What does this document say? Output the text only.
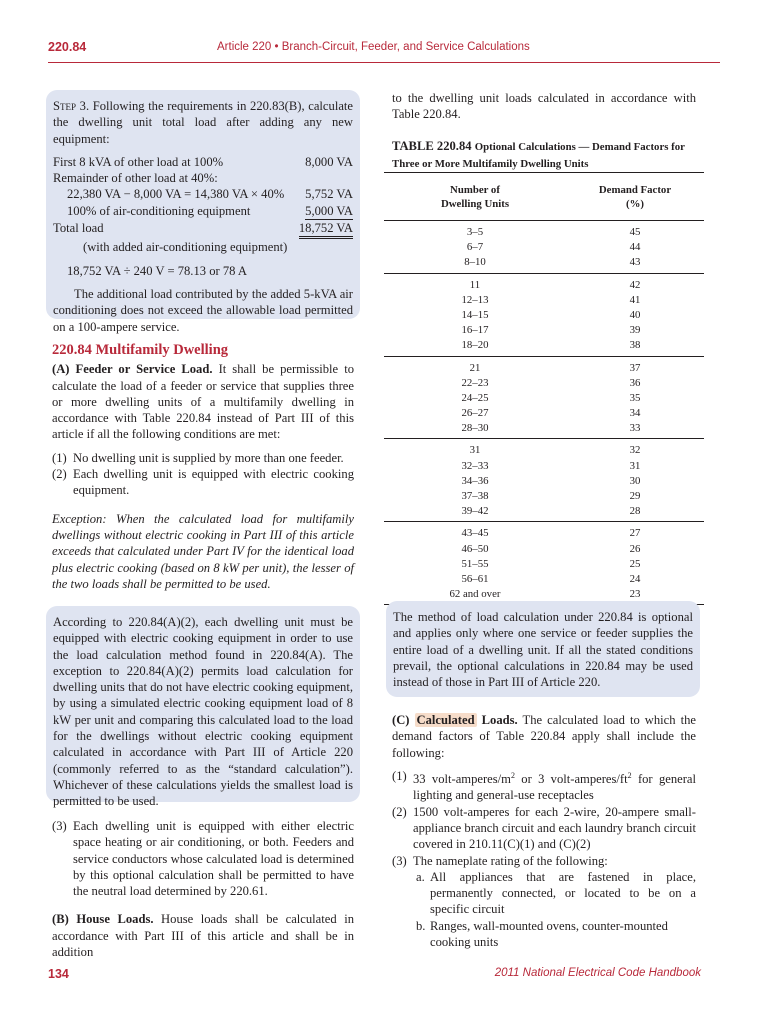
220.84	Article 220 • Branch-Circuit, Feeder, and Service Calculations

Step 3. Following the requirements in 220.83(B), calculate the dwelling unit total load after adding any new equipment:

First 8 kVA of other load at 100%	8,000 VA
Remainder of other load at 40%:
22,380 VA − 8,000 VA = 14,380 VA × 40% 5,752 VA
100% of air-conditioning equipment	5,000 VA
Total load	18,752 VA
(with added air-conditioning equipment)
18,752 VA ÷ 240 V = 78.13 or 78 A

The additional load contributed by the added 5-kVA air conditioning does not exceed the allowable load permitted on a 100-ampere service.

220.84 Multifamily Dwelling

(A) Feeder or Service Load. It shall be permissible to calculate the load of a feeder or service that supplies three or more dwelling units of a multifamily dwelling in accordance with Table 220.84 instead of Part III of this article if all the following conditions are met:

(1) No dwelling unit is supplied by more than one feeder.
(2) Each dwelling unit is equipped with electric cooking equipment.

Exception: When the calculated load for multifamily dwellings without electric cooking in Part III of this article exceeds that calculated under Part IV for the identical load plus electric cooking (based on 8 kW per unit), the lesser of the two loads shall be permitted to be used.

According to 220.84(A)(2), each dwelling unit must be equipped with electric cooking equipment in order to use the load calculation method found in 220.84(A). The exception to 220.84(A)(2) permits load calculation for dwelling units that do not have electric cooking equipment, by using a simulated electric cooking equipment load of 8 kW per unit and comparing this calculated load to the load for the dwellings without electric cooking equipment calculated in accordance with Part III of Article 220 (commonly referred to as the “standard calculation”). Whichever of these calculations yields the smallest load is permitted to be used.

(3) Each dwelling unit is equipped with either electric space heating or air conditioning, or both. Feeders and service conductors whose calculated load is determined by this optional calculation shall be permitted to have the neutral load determined by 220.61.

(B) House Loads. House loads shall be calculated in accordance with Part III of this article and shall be in addition

to the dwelling unit loads calculated in accordance with Table 220.84.

TABLE 220.84 Optional Calculations — Demand Factors for Three or More Multifamily Dwelling Units
Number of
Dwelling Units
Demand Factor
(%)
3–5	45
6–7	44
8–10	43
11	42
12–13	41
14–15	40
16–17	39
18–20	38
21	37
22–23	36
24–25	35
26–27	34
28–30	33
31	32
32–33	31
34–36	30
37–38	29
39–42	28
43–45	27
46–50	26
51–55	25
56–61	24
62 and over	23

The method of load calculation under 220.84 is optional and applies only where one service or feeder supplies the entire load of a dwelling unit. If all the stated conditions prevail, the optional calculations in 220.84 may be used instead of those in Part III of Article 220.

(C) Calculated Loads. The calculated load to which the demand factors of Table 220.84 apply shall include the following:

(1) 33 volt-$amperes/m^2$ or 3 volt-$amperes/ft^2$ for general lighting and general-use receptacles
(2) 1500 volt-amperes for each 2-wire, 20-ampere small-appliance branch circuit and each laundry branch circuit covered in 210.11(C)(1) and (C)(2)
(3) The nameplate rating of the following:
a. All appliances that are fastened in place, permanently connected, or located to be on a specific circuit
b. Ranges, wall-mounted ovens, counter-mounted cooking units
134	2011 National Electrical Code Handbook
